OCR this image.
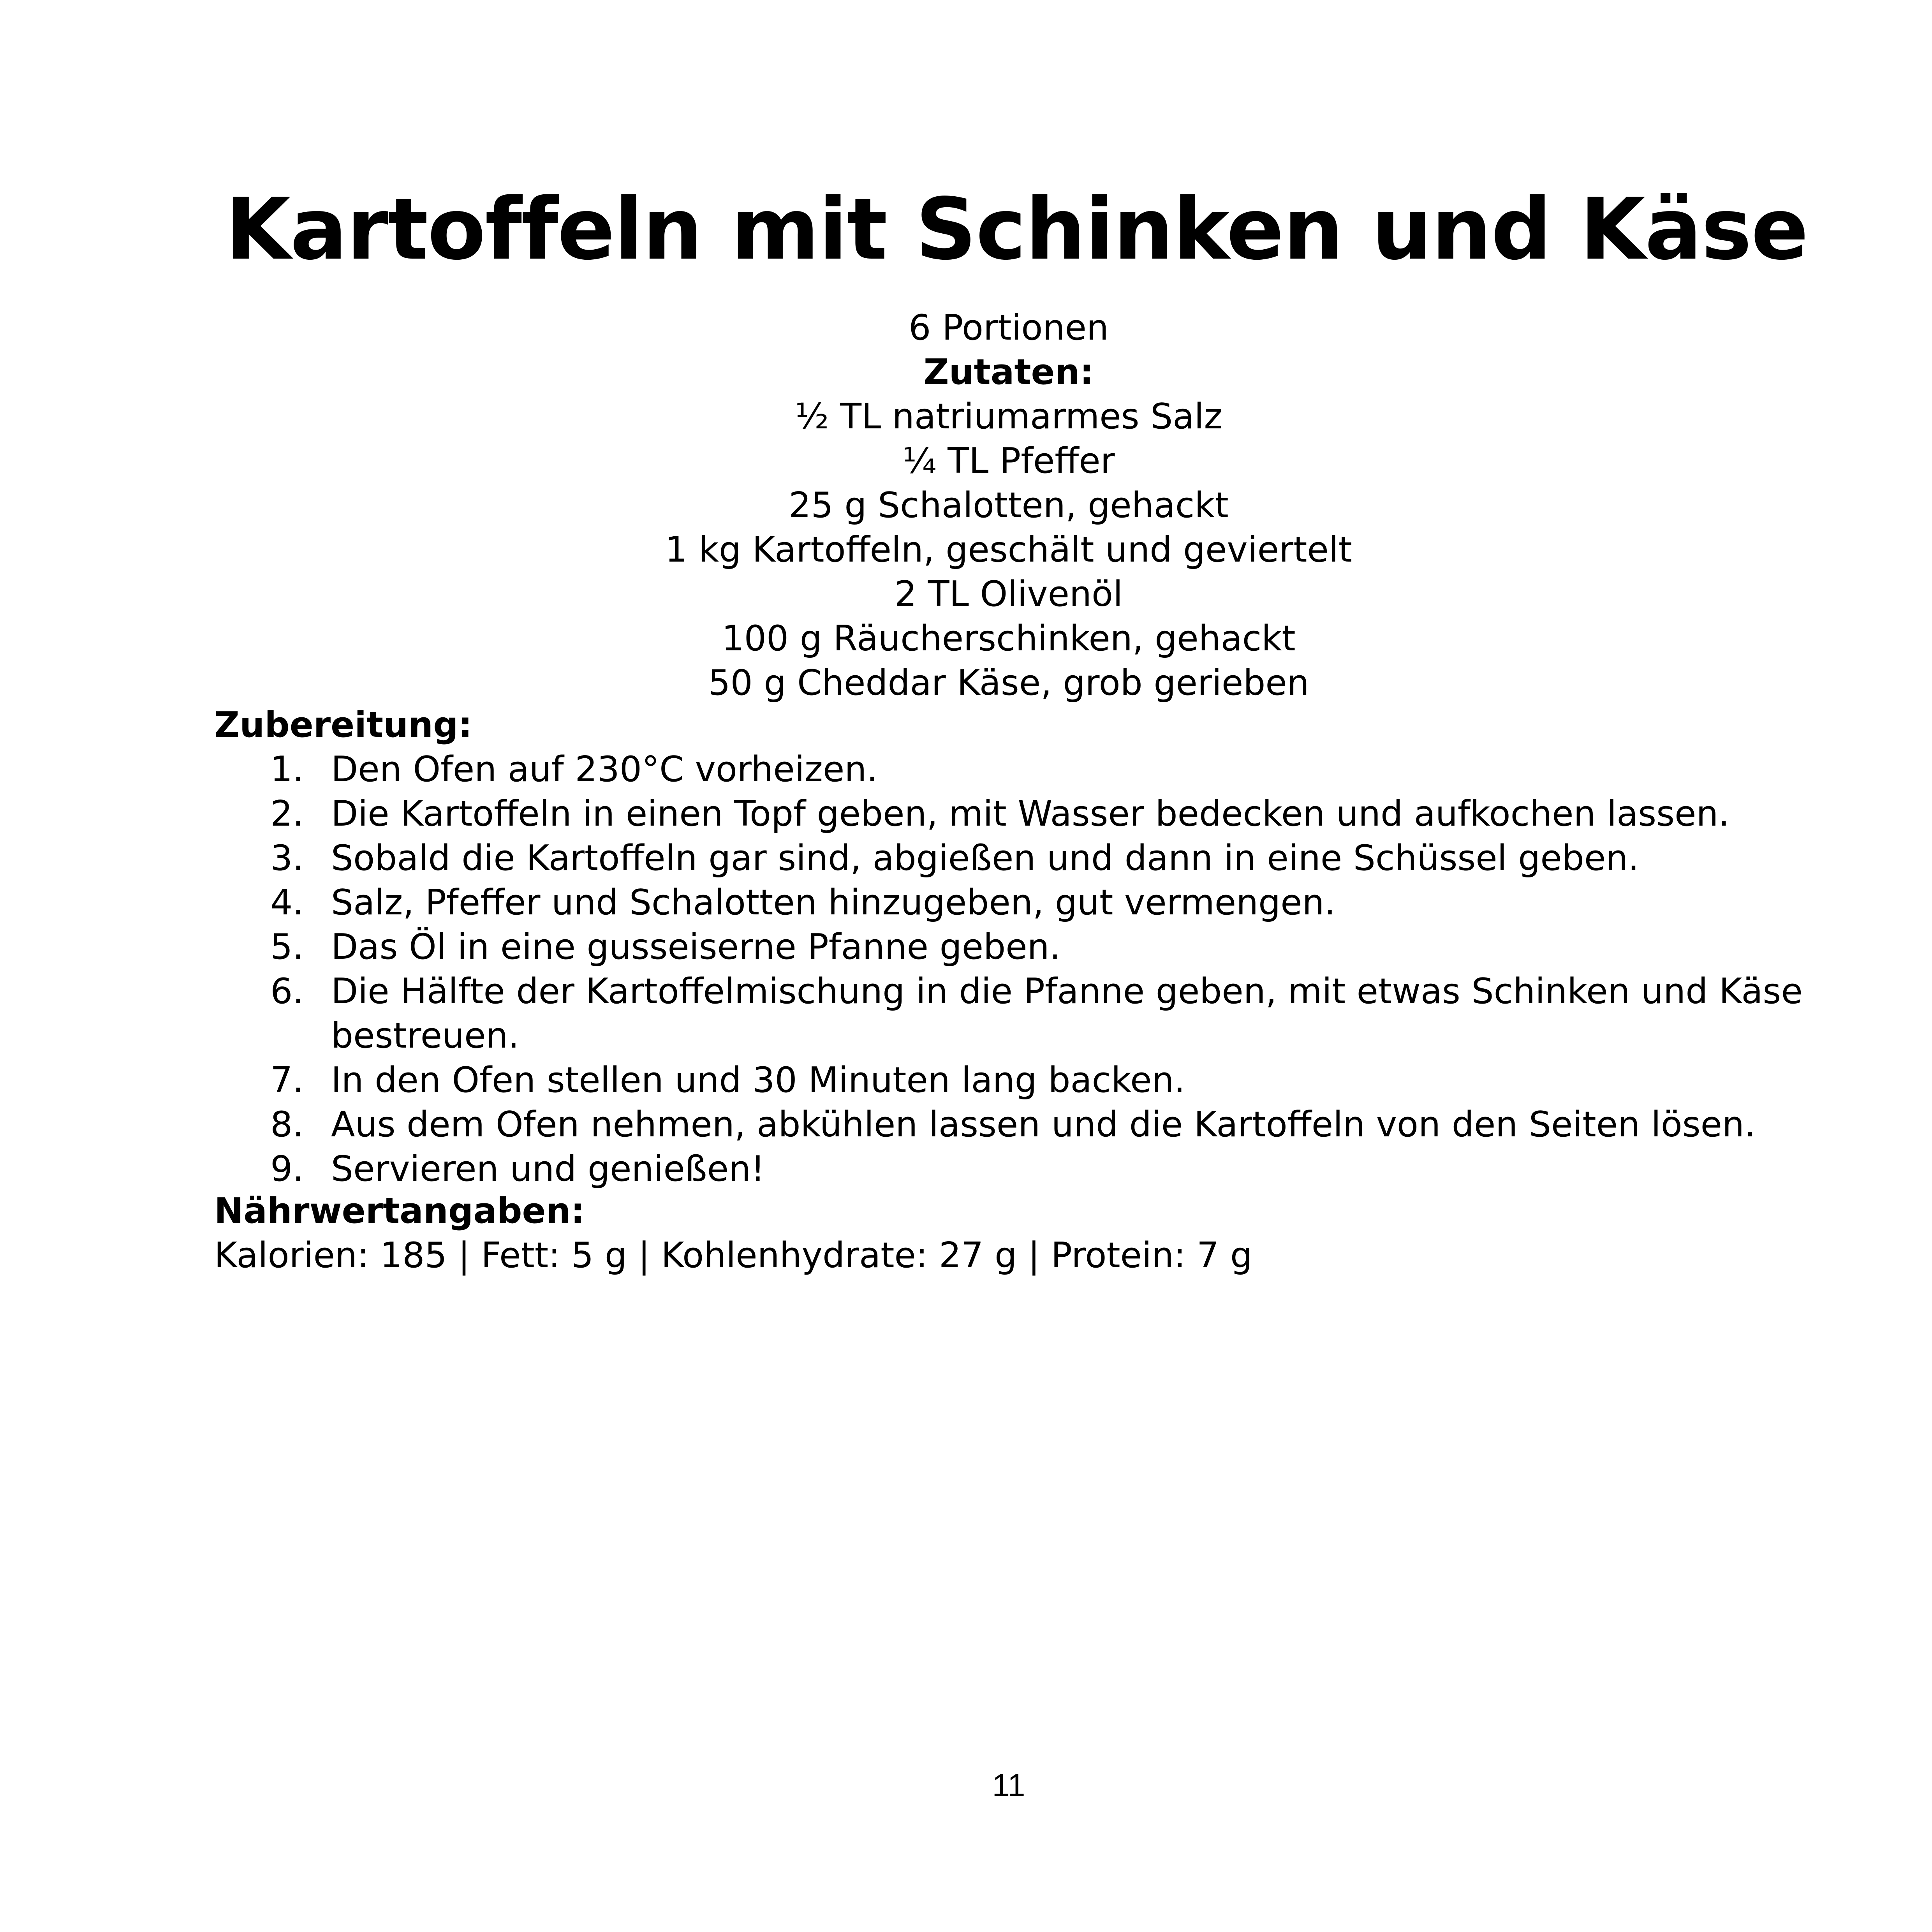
Kartoffeln mit Schinken und Käse
6 Portionen
Zutaten:
½ TL natriumarmes Salz
¼ TL Pfeffer
25 g Schalotten, gehackt
1 kg Kartoffeln, geschält und geviertelt
2 TL Olivenöl
100 g Räucherschinken, gehackt
50 g Cheddar Käse, grob gerieben
Zubereitung:
1. Den Ofen auf 230°C vorheizen.
2. Die Kartoffeln in einen Topf geben, mit Wasser bedecken und aufkochen lassen.
3. Sobald die Kartoffeln gar sind, abgießen und dann in eine Schüssel geben.
4. Salz, Pfeffer und Schalotten hinzugeben, gut vermengen.
5. Das Öl in eine gusseiserne Pfanne geben.
6. Die Hälfte der Kartoffelmischung in die Pfanne geben, mit etwas Schinken und Käse bestreuen.
7. In den Ofen stellen und 30 Minuten lang backen.
8. Aus dem Ofen nehmen, abkühlen lassen und die Kartoffeln von den Seiten lösen.
9. Servieren und genießen!
Nährwertangaben:
Kalorien: 185 | Fett: 5 g | Kohlenhydrate: 27 g | Protein: 7 g
11
